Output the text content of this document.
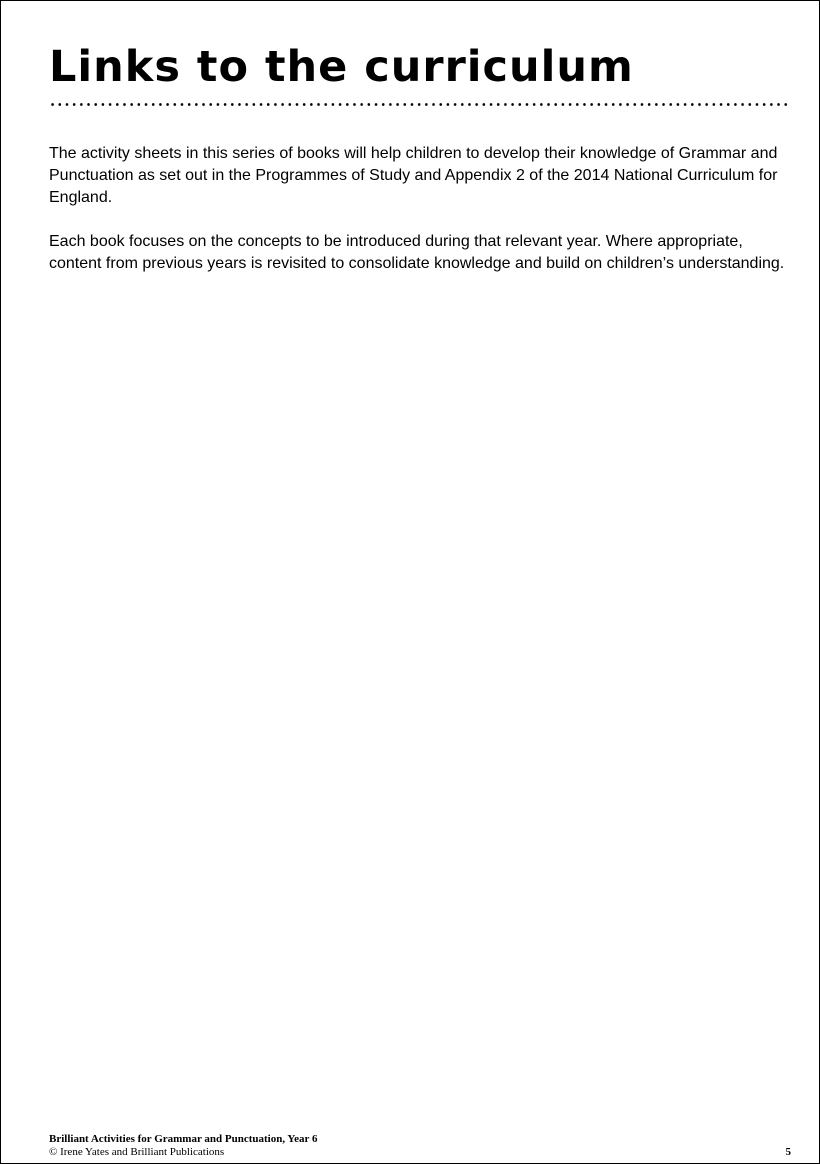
Links to the curriculum

The activity sheets in this series of books will help children to develop their knowledge of Grammar and Punctuation as set out in the Programmes of Study and Appendix 2 of the 2014 National Curriculum for England.

Each book focuses on the concepts to be introduced during that relevant year. Where appropriate, content from previous years is revisited to consolidate knowledge and build on children’s understanding.

Brilliant Activities for Grammar and Punctuation, Year 6
© Irene Yates and Brilliant Publications	5
